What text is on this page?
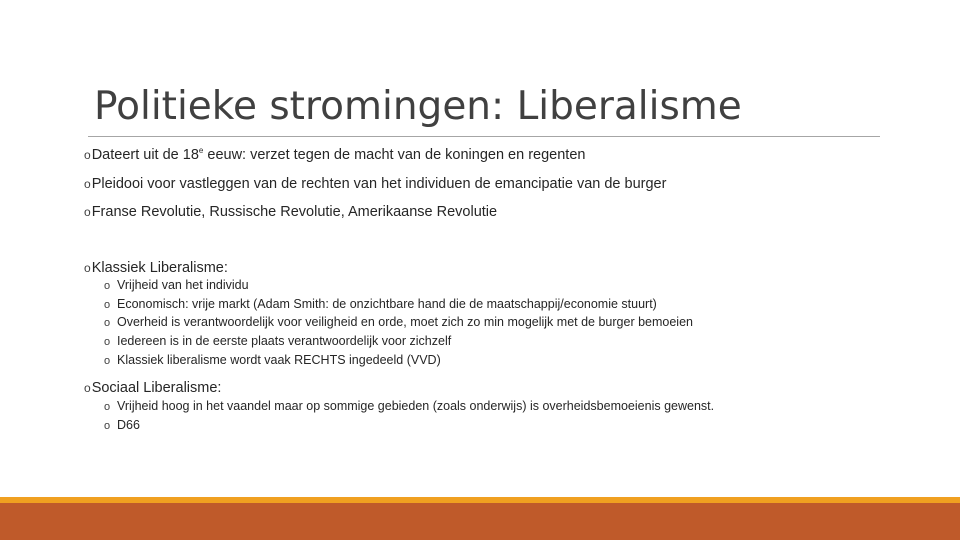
Politieke stromingen: Liberalisme
oDateert uit de 18e eeuw: verzet tegen de macht van de koningen en regenten
oPleidooi voor vastleggen van de rechten van het individuen de emancipatie van de burger
oFranse Revolutie, Russische Revolutie, Amerikaanse Revolutie
oKlassiek Liberalisme:
o Vrijheid van het individu
o Economisch: vrije markt (Adam Smith: de onzichtbare hand die de maatschappij/economie stuurt)
o Overheid is verantwoordelijk voor veiligheid en orde, moet zich zo min mogelijk met de burger bemoeien
o Iedereen is in de eerste plaats verantwoordelijk voor zichzelf
o Klassiek liberalisme wordt vaak RECHTS ingedeeld (VVD)
oSociaal Liberalisme:
o Vrijheid hoog in het vaandel maar op sommige gebieden (zoals onderwijs) is overheidsbemoeienis gewenst.
o D66
